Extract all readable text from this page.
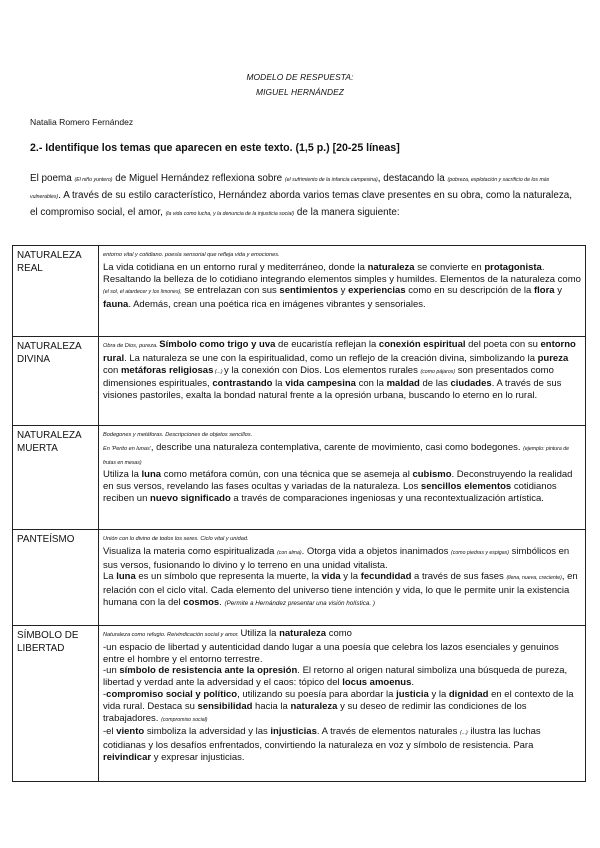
MODELO DE RESPUESTA:
MIGUEL HERNÁNDEZ
Natalia Romero Fernández
2.- Identifique los temas que aparecen en este texto. (1,5 p.) [20-25 líneas]
El poema (El niño yuntero) de Miguel Hernández reflexiona sobre (el sufrimiento de la infancia campesina), destacando la (pobreza, explotación y sacrificio de los más vulnerables). A través de su estilo característico, Hernández aborda varios temas clave presentes en su obra, como la naturaleza, el compromiso social, el amor, (la vida como lucha, y la denuncia de la injusticia social) de la manera siguiente:
NATURALEZA REAL	entorno vital y cotidiano. poesía sensorial que refleja vida y emociones.
La vida cotidiana en un entorno rural y mediterráneo, donde la naturaleza se convierte en protagonista. Resaltando la belleza de lo cotidiano integrando elementos simples y humildes. Elementos de la naturaleza como (el sol, el atardecer y los limones), se entrelazan con sus sentimientos y experiencias como en su descripción de la flora y fauna. Además, crean una poética rica en imágenes vibrantes y sensoriales.
NATURALEZA DIVINA	Obra de Dios, pureza. Símbolo como trigo y uva de eucaristía reflejan la conexión espiritual del poeta con su entorno rural. La naturaleza se une con la espiritualidad, como un reflejo de la creación divina, simbolizando la pureza con metáforas religiosas (...) y la conexión con Dios. Los elementos rurales (como pájaros) son presentados como dimensiones espirituales, contrastando la vida campesina con la maldad de las ciudades. A través de sus visiones pastoriles, exalta la bondad natural frente a la opresión urbana, buscando lo eterno en lo rural.
NATURALEZA MUERTA	Bodegones y metáforas. Descripciones de objetos sencillos.
En 'Perito en lunas', describe una naturaleza contemplativa, carente de movimiento, casi como bodegones. (ejemplo: pintura de frutas en mesas)
Utiliza la luna como metáfora común, con una técnica que se asemeja al cubismo. Deconstruyendo la realidad en sus versos, revelando las fases ocultas y variadas de la naturaleza. Los sencillos elementos cotidianos reciben un nuevo significado a través de comparaciones ingeniosas y una recontextualización artística.
PANTEÍSMO	Unión con lo divino de todos los seres. Ciclo vital y unidad.
Visualiza la materia como espiritualizada (con alma). Otorga vida a objetos inanimados (como piedras y espigas) simbólicos en sus versos, fusionando lo divino y lo terreno en una unidad vitalista.
La luna es un símbolo que representa la muerte, la vida y la fecundidad a través de sus fases (llena, nueva, creciente), en relación con el ciclo vital. Cada elemento del universo tiene intención y vida, lo que le permite unir la existencia humana con la del cosmos. (Permite a Hernández presentar una visión holística. )
SÍMBOLO DE LIBERTAD	Naturaleza como refugio. Reivindicación social y amor. Utiliza la naturaleza como
-un espacio de libertad y autenticidad dando lugar a una poesía que celebra los lazos esenciales y genuinos entre el hombre y el entorno terrestre.
-un símbolo de resistencia ante la opresión. El retorno al origen natural simboliza una búsqueda de pureza, libertad y verdad ante la adversidad y el caos: tópico del locus amoenus.
-compromiso social y político, utilizando su poesía para abordar la justicia y la dignidad en el contexto de la vida rural. Destaca su sensibilidad hacia la naturaleza y su deseo de redimir las condiciones de los trabajadores. (compromiso social)
-el viento simboliza la adversidad y las injusticias. A través de elementos naturales (...) ilustra las luchas cotidianas y los desafíos enfrentados, convirtiendo la naturaleza en voz y símbolo de resistencia. Para reivindicar y expresar injusticias.
